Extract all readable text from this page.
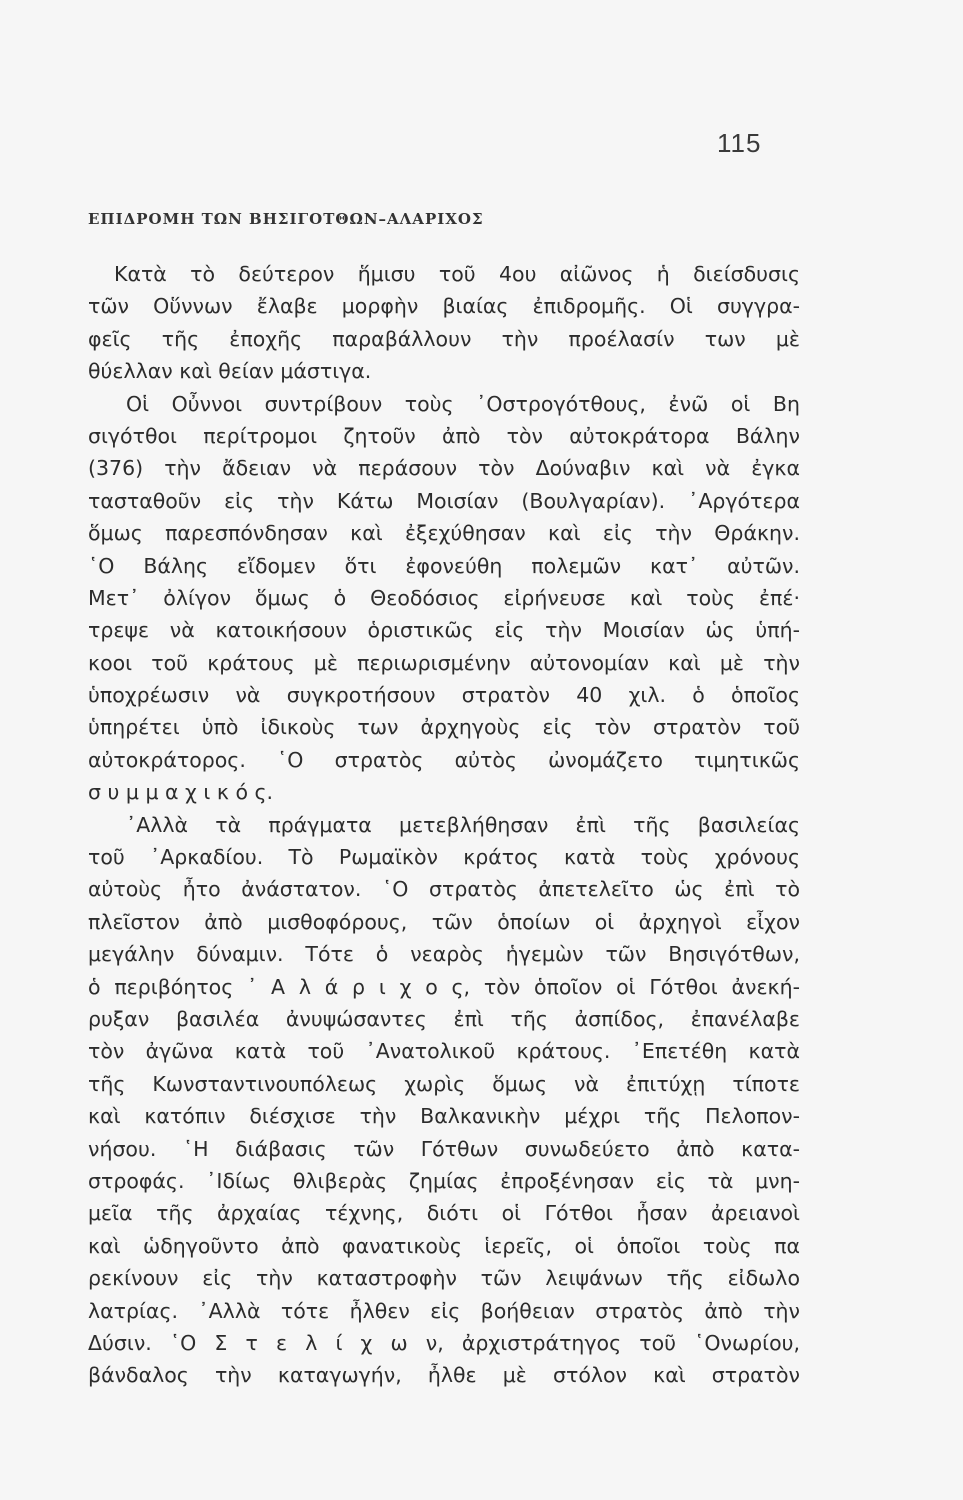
115
ΕΠΙΔΡΟΜΗ ΤΩΝ ΒΗΣΙΓΟΤΘΩΝ–ΑΛΑΡΙΧΟΣ
Κατὰ τὸ δεύτερον ἥμισυ τοῦ 4ου αἰῶνος ἡ διείσδυσις
τῶν Οὕννων ἔλαβε μορφὴν βιαίας ἐπιδρομῆς. Οἱ συγγρα-
φεῖς τῆς ἐποχῆς παραβάλλουν τὴν προέλασίν των μὲ
θύελλαν καὶ θείαν μάστιγα.
Οἱ Οὖννοι συντρίβουν τοὺς ᾿Οστρογότθους, ἐνῶ οἱ Βη
σιγότθοι περίτρομοι ζητοῦν ἀπὸ τὸν αὐτοκράτορα Βάλην
(376) τὴν ἄδειαν νὰ περάσουν τὸν Δούναβιν καὶ νὰ ἐγκα
τασταθοῦν εἰς τὴν Κάτω Μοισίαν (Βουλγαρίαν). ᾿Αργότερα
ὅμως παρεσπόνδησαν καὶ ἐξεχύθησαν καὶ εἰς τὴν Θράκην.
῾Ο Βάλης εἴδομεν ὅτι ἐφονεύθη πολεμῶν κατ᾿ αὐτῶν.
Μετ᾿ ὀλίγον ὅμως ὁ Θεοδόσιος εἰρήνευσε καὶ τοὺς ἐπέ·
τρεψε νὰ κατοικήσουν ὁριστικῶς εἰς τὴν Μοισίαν ὡς ὑπή-
κοοι τοῦ κράτους μὲ περιωρισμένην αὐτονομίαν καὶ μὲ τὴν
ὑποχρέωσιν νὰ συγκροτήσουν στρατὸν 40 χιλ. ὁ ὁποῖος
ὑπηρέτει ὑπὸ ἰδικοὺς των ἀρχηγοὺς εἰς τὸν στρατὸν τοῦ
αὐτοκράτορος. ῾Ο στρατὸς αὐτὸς ὠνομάζετο τιμητικῶς
σ υ μ μ α χ ι κ ό ς.
᾿Αλλὰ τὰ πράγματα μετεβλήθησαν ἐπὶ τῆς βασιλείας
τοῦ ᾿Αρκαδίου. Τὸ Ρωμαϊκὸν κράτος κατὰ τοὺς χρόνους
αὐτοὺς ἦτο ἀνάστατον. ῾Ο στρατὸς ἀπετελεῖτο ὡς ἐπὶ τὸ
πλεῖστον ἀπὸ μισθοφόρους, τῶν ὁποίων οἱ ἀρχηγοὶ εἶχον
μεγάλην δύναμιν. Τότε ὁ νεαρὸς ἡγεμὼν τῶν Βησιγότθων,
ὁ περιβόητος ᾿ Α λ ά ρ ι χ ο ς, τὸν ὁποῖον οἱ Γότθοι ἀνεκή-
ρυξαν βασιλέα ἀνυψώσαντες ἐπὶ τῆς ἀσπίδος, ἐπανέλαβε
τὸν ἀγῶνα κατὰ τοῦ ᾿Ανατολικοῦ κράτους. ᾿Επετέθη κατὰ
τῆς Κωνσταντινουπόλεως χωρὶς ὅμως νὰ ἐπιτύχῃ τίποτε
καὶ κατόπιν διέσχισε τὴν Βαλκανικὴν μέχρι τῆς Πελοπον-
νήσου. ῾Η διάβασις τῶν Γότθων συνωδεύετο ἀπὸ κατα-
στροφάς. ᾿Ιδίως θλιβερὰς ζημίας ἐπροξένησαν εἰς τὰ μνη-
μεῖα τῆς ἀρχαίας τέχνης, διότι οἱ Γότθοι ἦσαν ἀρειανοὶ
καὶ ὡδηγοῦντο ἀπὸ φανατικοὺς ἱερεῖς, οἱ ὁποῖοι τοὺς πα
ρεκίνουν εἰς τὴν καταστροφὴν τῶν λειψάνων τῆς εἰδωλο
λατρίας. ᾿Αλλὰ τότε ἦλθεν εἰς βοήθειαν στρατὸς ἀπὸ τὴν
Δύσιν. ῾Ο Σ τ ε λ ί χ ω ν, ἀρχιστράτηγος τοῦ ῾Ονωρίου,
βάνδαλος τὴν καταγωγήν, ἦλθε μὲ στόλον καὶ στρατὸν
